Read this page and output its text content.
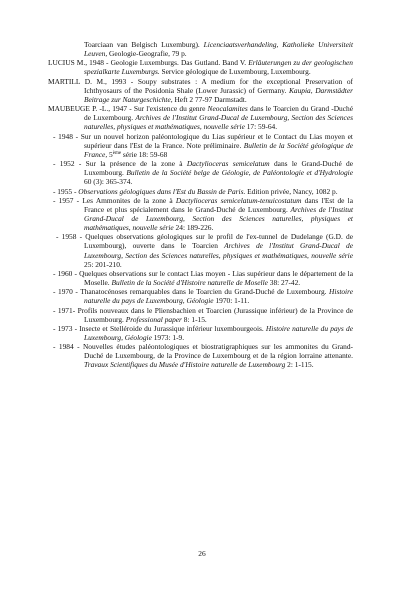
Toarciaan van Belgisch Luxemburg). Licenciaatsverhandeling, Katholieke Universiteit Leuven, Geologie-Geografie, 79 p.

LUCIUS M., 1948 - Geologie Luxemburgs. Das Gutland. Band V. Erläuterungen zu der geologischen spezialkarte Luxemburgs. Service géologique de Luxembourg, Luxembourg.

MARTILL D. M., 1993 - Soupy substrates : A medium for the exceptional Preservation of Ichthyosaurs of the Posidonia Shale (Lower Jurassic) of Germany. Kaupia, Darmstädter Beitrage zur Naturgeschichte, Heft 2 77-97 Darmstadt.

MAUBEUGE P. -L., 1947 - Sur l'existence du genre Neocalamites dans le Toarcien du Grand -Duché de Luxembourg. Archives de l'Institut Grand-Ducal de Luxembourg, Section des Sciences naturelles, physiques et mathématiques, nouvelle série 17: 59-64.

- 1948 - Sur un nouvel horizon paléontologique du Lias supérieur et le Contact du Lias moyen et supérieur dans l'Est de la France. Note préliminaire. Bulletin de la Société géologique de France, 5ème série 18: 59-68

- 1952 - Sur la présence de la zone à Dactylioceras semicelatum dans le Grand-Duché de Luxembourg. Bulletin de la Société belge de Géologie, de Paléontologie et d'Hydrologie 60 (3): 365-374.

- 1955 - Observations géologiques dans l'Est du Bassin de Paris. Edition privée, Nancy, 1082 p.

- 1957 - Les Ammonites de la zone à Dactylioceras semicelatum-tenuicostatum dans l'Est de la France et plus spécialement dans le Grand-Duché de Luxembourg. Archives de l'Institut Grand-Ducal de Luxembourg, Section des Sciences naturelles, physiques et mathématiques, nouvelle série 24: 189-226.

- 1958 - Quelques observations géologiques sur le profil de l'ex-tunnel de Dudelange (G.D. de Luxembourg), ouverte dans le Toarcien Archives de l'Institut Grand-Ducal de Luxembourg, Section des Sciences naturelles, physiques et mathématiques, nouvelle série 25: 201-210.

- 1960 - Quelques observations sur le contact Lias moyen - Lias supérieur dans le département de la Moselle. Bulletin de la Société d'Histoire naturelle de Moselle 38: 27-42.

- 1970 - Thanatocénoses remarquables dans le Toarcien du Grand-Duché de Luxembourg. Histoire naturelle du pays de Luxembourg, Géologie 1970: 1-11.

- 1971- Profils nouveaux dans le Pliensbachien et Toarcien (Jurassique inférieur) de la Province de Luxembourg. Professional paper 8: 1-15.

- 1973 - Insecte et Stelléroide du Jurassique inférieur luxembourgeois. Histoire naturelle du pays de Luxembourg, Géologie 1973: 1-9.

- 1984 - Nouvelles études paléontologiques et biostratigraphiques sur les ammonites du Grand-Duché de Luxembourg, de la Province de Luxembourg et de la région lorraine attenante. Travaux Scientifiques du Musée d'Histoire naturelle de Luxembourg 2: 1-115.

26
